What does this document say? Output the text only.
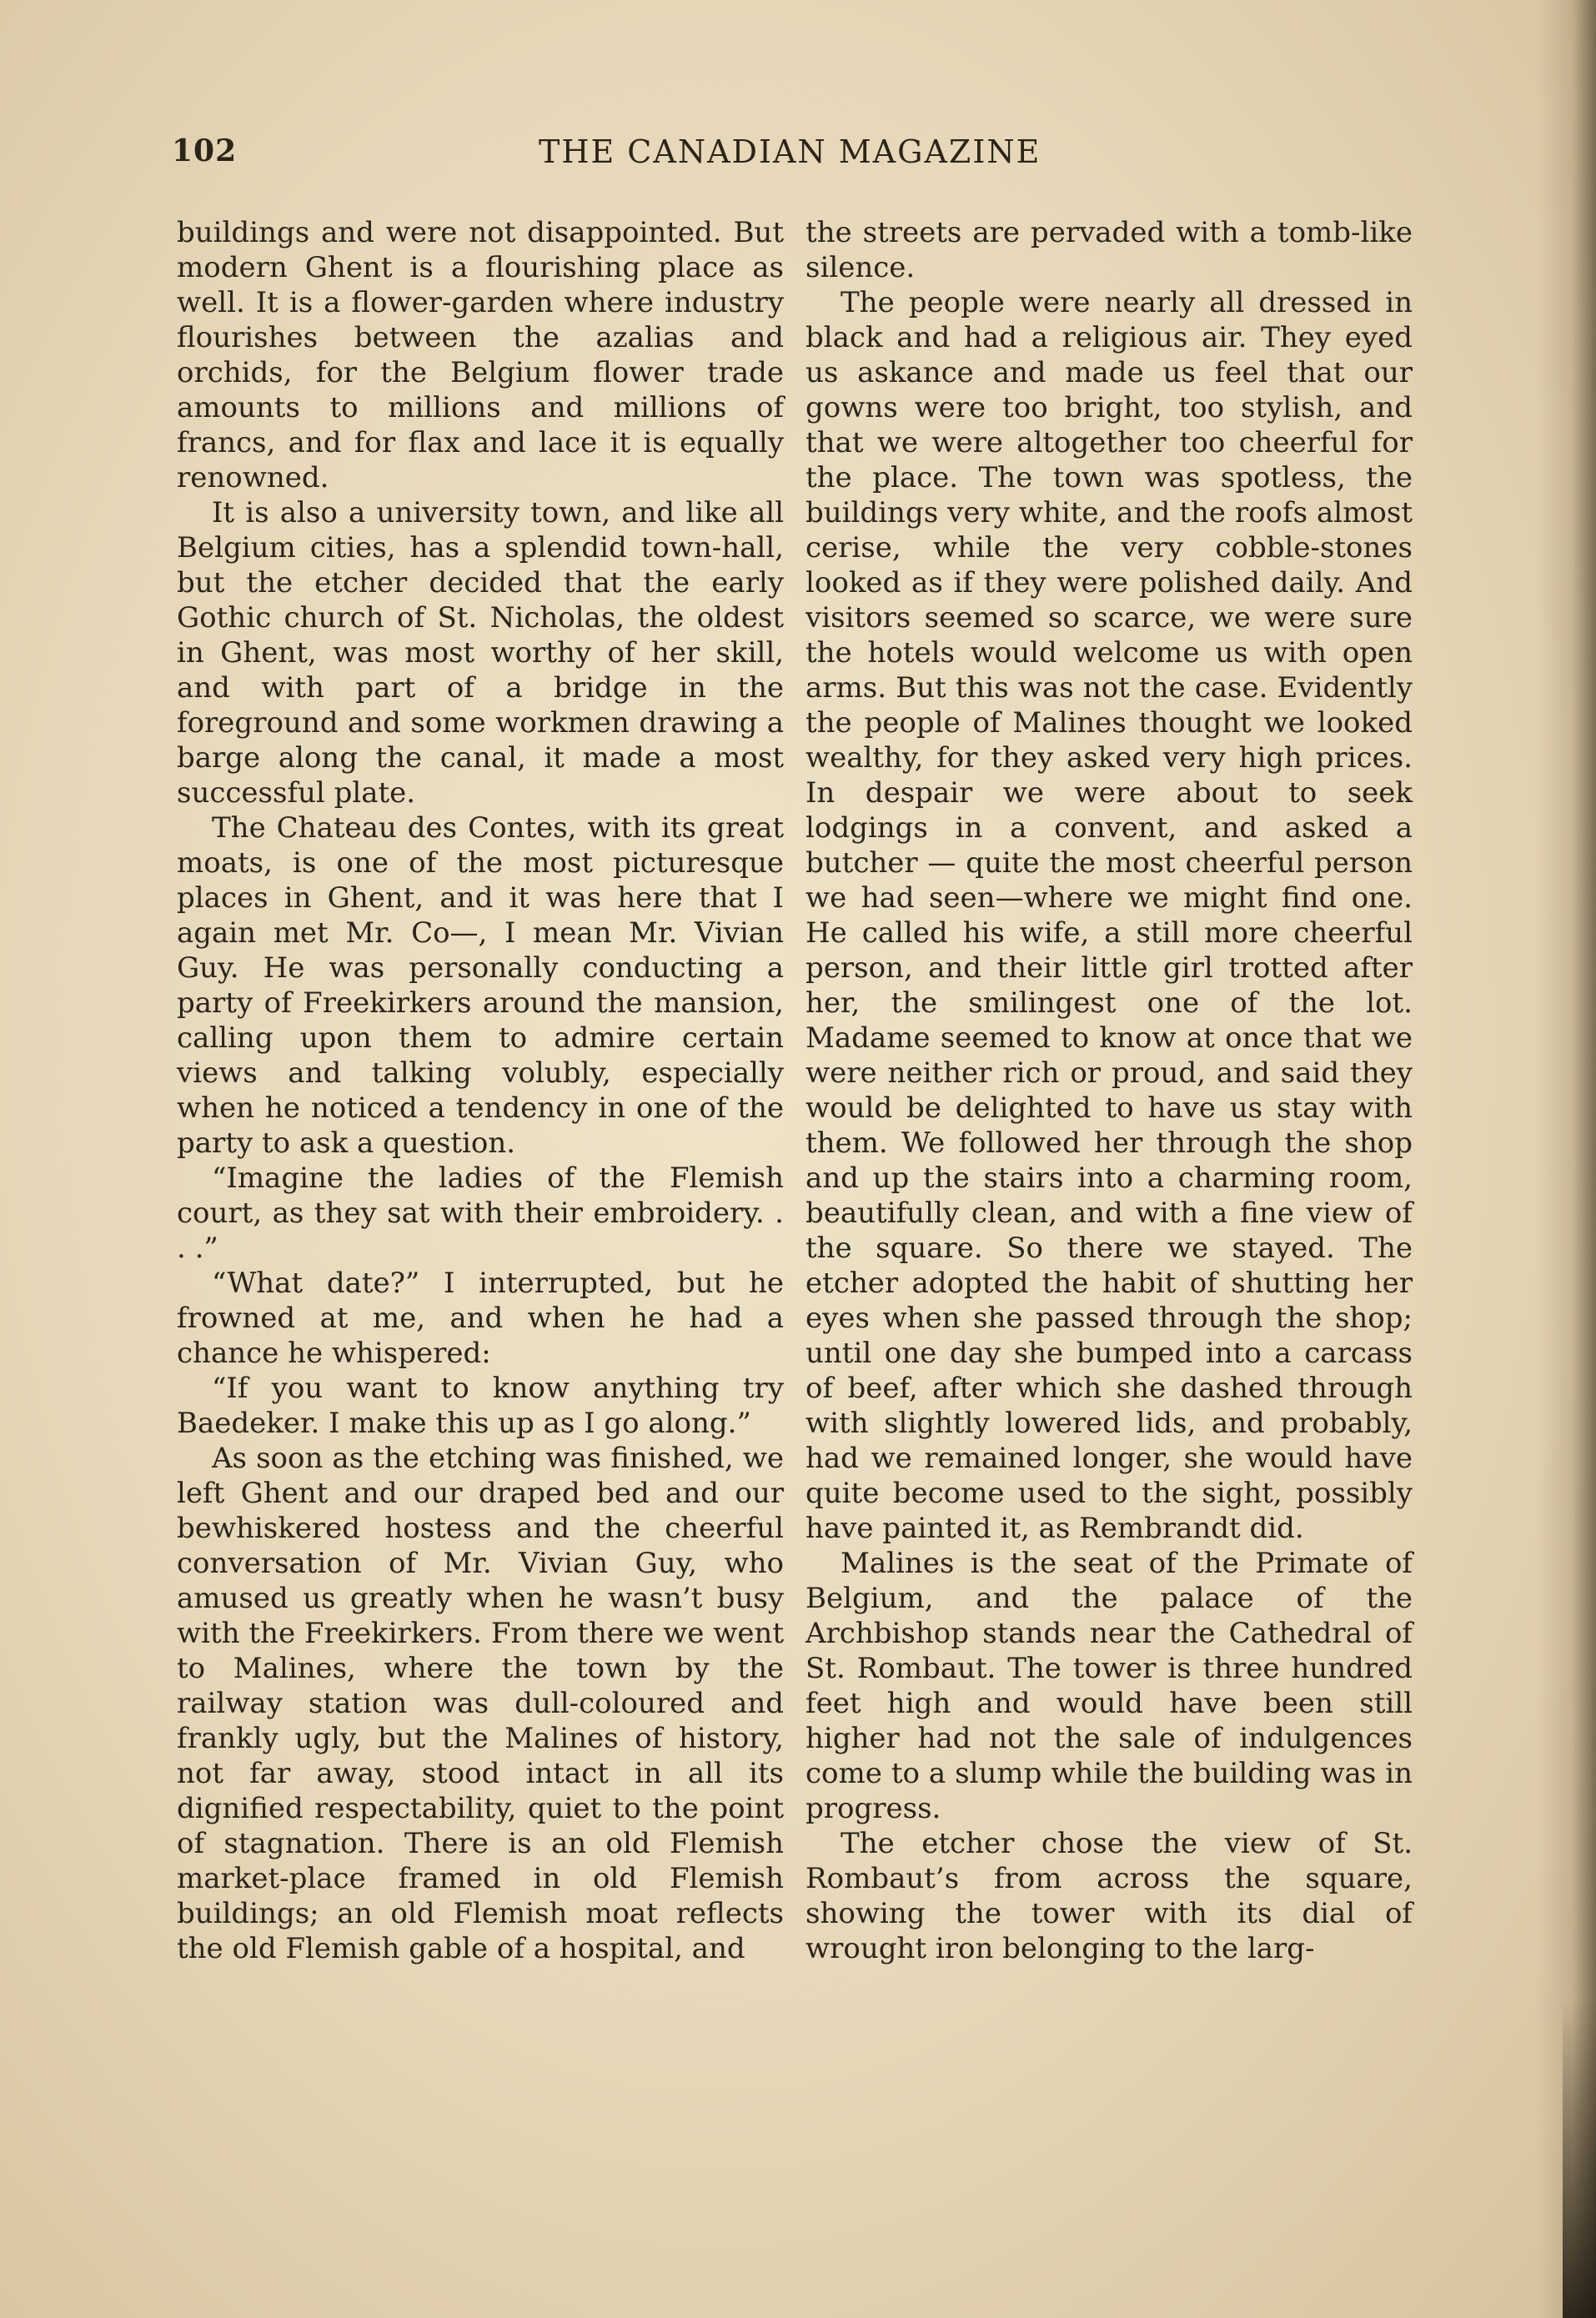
102	THE CANADIAN MAGAZINE

buildings and were not disappointed. But modern Ghent is a flourishing place as well. It is a flower-garden where industry flourishes between the azalias and orchids, for the Belgium flower trade amounts to millions and millions of francs, and for flax and lace it is equally renowned.

It is also a university town, and like all Belgium cities, has a splendid town-hall, but the etcher decided that the early Gothic church of St. Nicholas, the oldest in Ghent, was most worthy of her skill, and with part of a bridge in the foreground and some workmen drawing a barge along the canal, it made a most successful plate.

The Chateau des Contes, with its great moats, is one of the most picturesque places in Ghent, and it was here that I again met Mr. Co—, I mean Mr. Vivian Guy. He was personally conducting a party of Freekirkers around the mansion, calling upon them to admire certain views and talking volubly, especially when he noticed a tendency in one of the party to ask a question.

“Imagine the ladies of the Flemish court, as they sat with their embroidery. . . .”

“What date?” I interrupted, but he frowned at me, and when he had a chance he whispered:

“If you want to know anything try Baedeker. I make this up as I go along.”

As soon as the etching was finished, we left Ghent and our draped bed and our bewhiskered hostess and the cheerful conversation of Mr. Vivian Guy, who amused us greatly when he wasn’t busy with the Freekirkers. From there we went to Malines, where the town by the railway station was dull-coloured and frankly ugly, but the Malines of history, not far away, stood intact in all its dignified respectability, quiet to the point of stagnation. There is an old Flemish market-place framed in old Flemish buildings; an old Flemish moat reflects the old Flemish gable of a hospital, and

the streets are pervaded with a tomb-like silence.

The people were nearly all dressed in black and had a religious air. They eyed us askance and made us feel that our gowns were too bright, too stylish, and that we were altogether too cheerful for the place. The town was spotless, the buildings very white, and the roofs almost cerise, while the very cobble-stones looked as if they were polished daily. And visitors seemed so scarce, we were sure the hotels would welcome us with open arms. But this was not the case. Evidently the people of Malines thought we looked wealthy, for they asked very high prices. In despair we were about to seek lodgings in a convent, and asked a butcher — quite the most cheerful person we had seen—where we might find one. He called his wife, a still more cheerful person, and their little girl trotted after her, the smilingest one of the lot. Madame seemed to know at once that we were neither rich or proud, and said they would be delighted to have us stay with them. We followed her through the shop and up the stairs into a charming room, beautifully clean, and with a fine view of the square. So there we stayed. The etcher adopted the habit of shutting her eyes when she passed through the shop; until one day she bumped into a carcass of beef, after which she dashed through with slightly lowered lids, and probably, had we remained longer, she would have quite become used to the sight, possibly have painted it, as Rembrandt did.

Malines is the seat of the Primate of Belgium, and the palace of the Archbishop stands near the Cathedral of St. Rombaut. The tower is three hundred feet high and would have been still higher had not the sale of indulgences come to a slump while the building was in progress.

The etcher chose the view of St. Rombaut’s from across the square, showing the tower with its dial of wrought iron belonging to the larg-
